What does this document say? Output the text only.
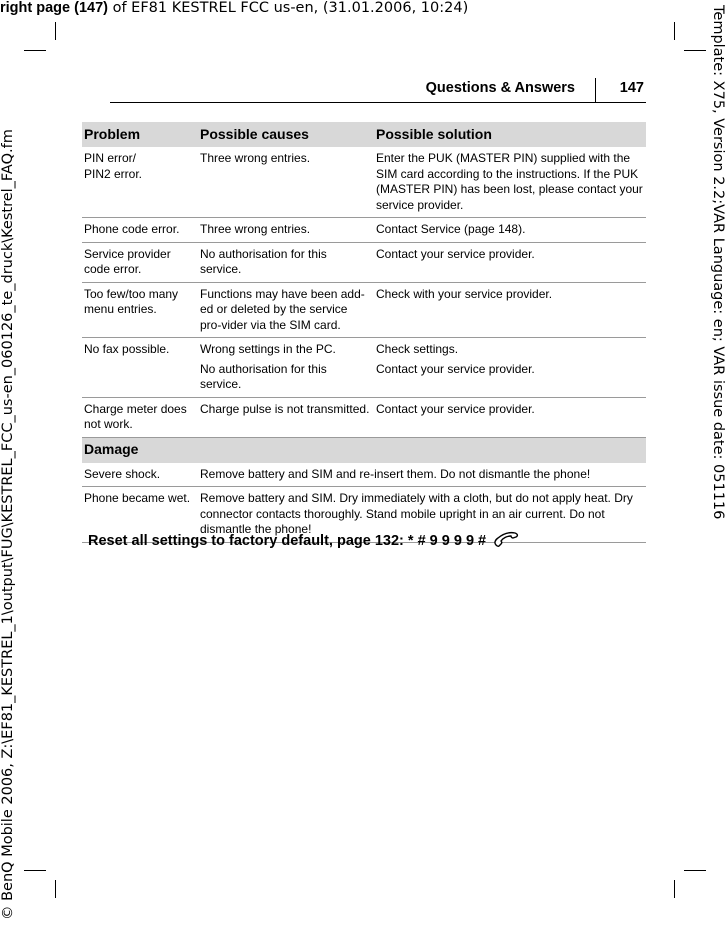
right page (147) of EF81 KESTREL FCC us-en, (31.01.2006, 10:24)
© BenQ Mobile 2006, Z:\EF81_KESTREL_1\output\FUG\KESTREL_FCC_us-en_060126_te_druck\Kestrel_FAQ.fm	Template: X75, Version 2.2;VAR Language: en; VAR issue date: 051116
Questions & Answers	147
Problem	Possible causes	Possible solution
PIN error/
PIN2 error.	Three wrong entries.	Enter the PUK (MASTER PIN) supplied with the SIM card according to the instructions. If the PUK (MASTER PIN) has been lost, please contact your service provider.
Phone code error.	Three wrong entries.	Contact Service (page 148).
Service provider code error.	No authorisation for this service.	Contact your service provider.
Too few/too many menu entries.	Functions may have been add-ed or deleted by the service pro-vider via the SIM card.	Check with your service provider.
No fax possible.	Wrong settings in the PC.	Check settings.
	No authorisation for this service.	Contact your service provider.
Charge meter does not work.	Charge pulse is not transmitted.	Contact your service provider.
Damage		
Severe shock.	Remove battery and SIM and re-insert them. Do not dismantle the phone!	
Phone became wet.	Remove battery and SIM. Dry immediately with a cloth, but do not apply heat. Dry connector contacts thoroughly. Stand mobile upright in an air current. Do not dismantle the phone!	
Reset all settings to factory default, page 132: * # 9 9 9 9 #
